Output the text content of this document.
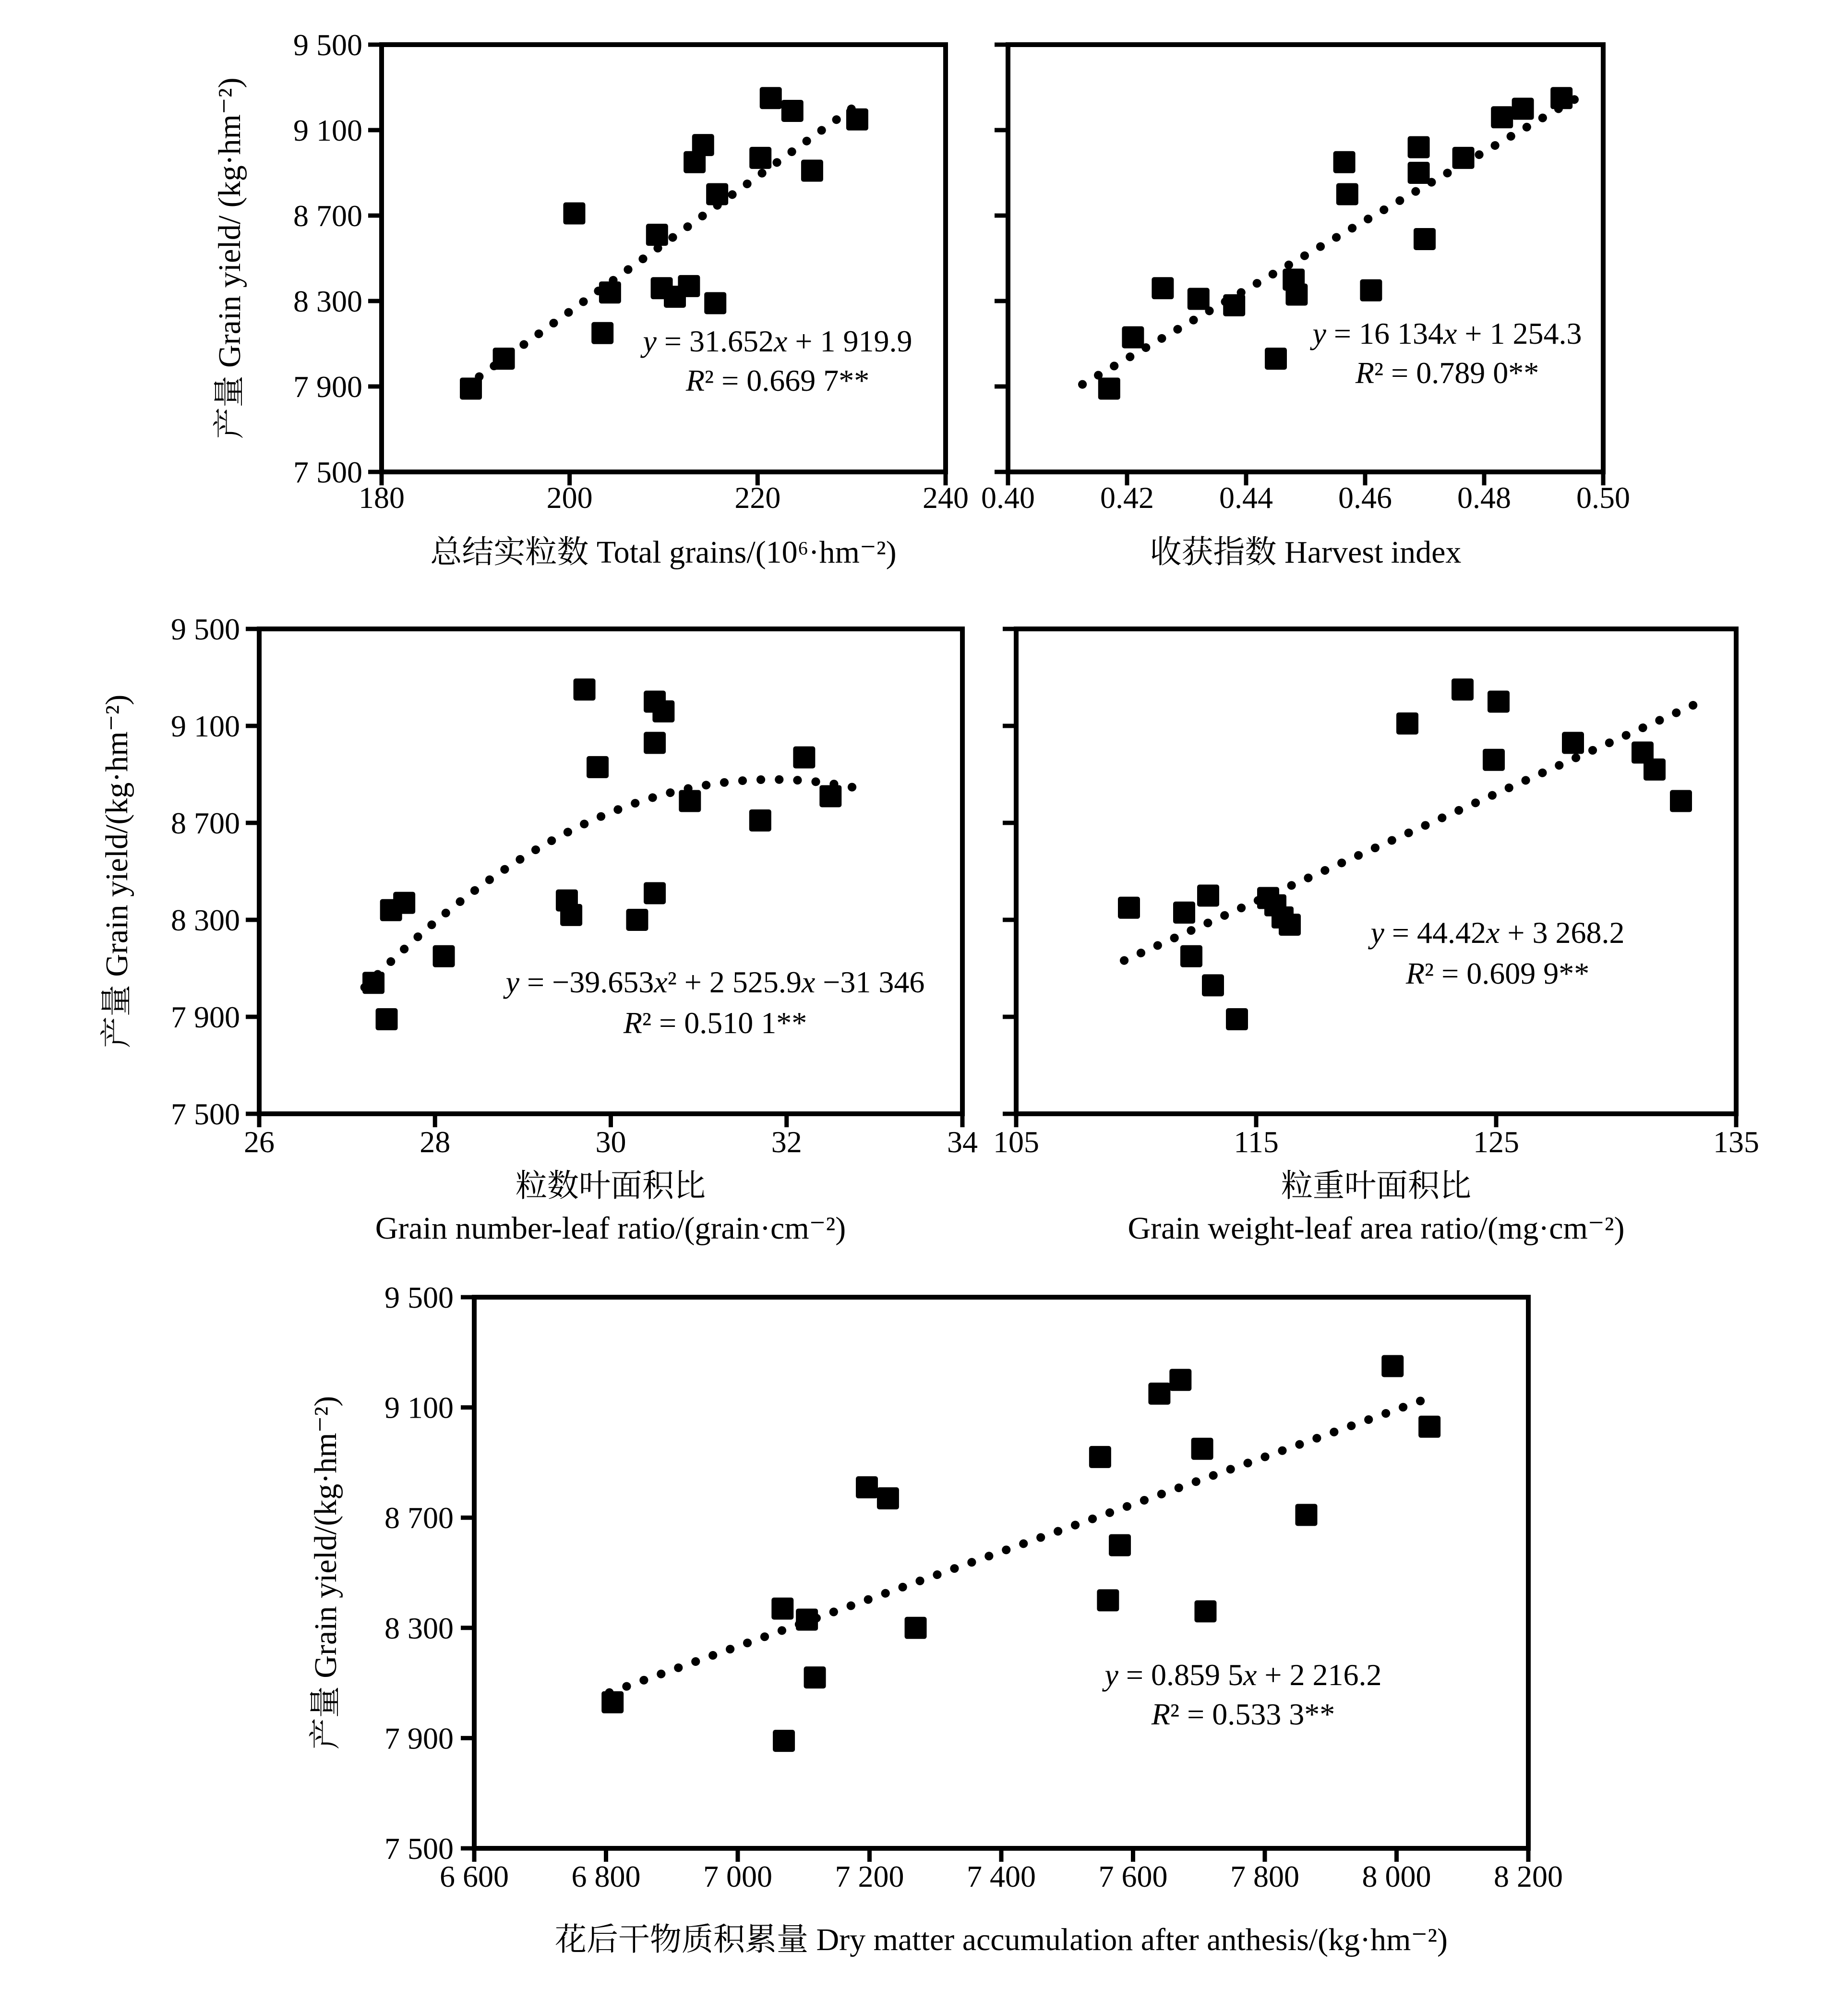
180	200	220	240
7 500
7 900
8 300
8 700
9 100
9 500
y = 31.652x + 1 919.9
R² = 0.669 7**
总结实粒数 Total grains/(10⁶·hm⁻²)
0.40 0.42 0.44 0.46 0.48 0.50
y = 16 134x + 1 254.3
R² = 0.789 0**
收获指数 Harvest index
26	28	30	32	34
7 500
7 900
8 300
8 700
9 100
9 500
y = −39.653x² + 2 525.9x −31 346
R² = 0.510 1**
粒数叶面积比
Grain number-leaf ratio/(grain·cm⁻²)
105	115	125	135
y = 44.42x + 3 268.2
R² = 0.609 9**
粒重叶面积比
Grain weight-leaf area ratio/(mg·cm⁻²)
6 600 6 800 7 000 7 200 7 400 7 600 7 800 8 000 8 200
7 500
7 900
8 300
8 700
9 100
9 500
y = 0.859 5x + 2 216.2
R² = 0.533 3**
花后干物质积累量 Dry matter accumulation after anthesis/(kg·hm⁻²)
产量 Grain yield/ (kg·hm⁻²)
产量 Grain yield/(kg·hm⁻²)
产量 Grain yield/(kg·hm⁻²)
